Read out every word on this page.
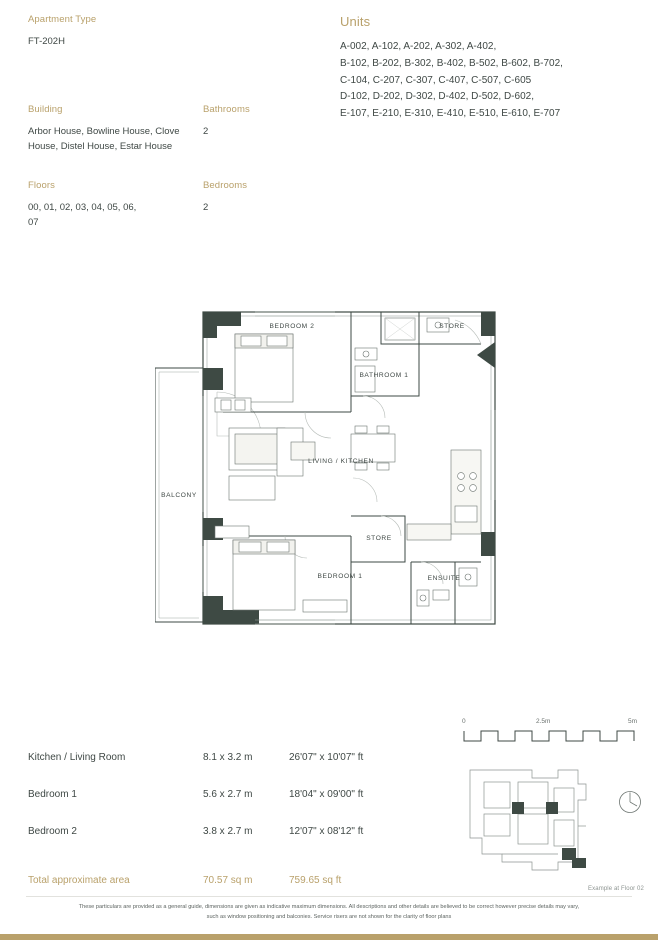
Apartment Type
FT-202H
Units
A-002, A-102, A-202, A-302, A-402,
B-102, B-202, B-302, B-402, B-502, B-602, B-702,
C-104, C-207, C-307, C-407, C-507, C-605
D-102, D-202, D-302, D-402, D-502, D-602,
E-107, E-210, E-310, E-410, E-510, E-610, E-707
Building
Arbor House, Bowline House, Clove House, Distel House, Estar House
Bathrooms
2
Floors
00, 01, 02, 03, 04, 05, 06, 07
Bedrooms
2
BEDROOM 2
BEDROOM 1
LIVING / KITCHEN
BATHROOM 1
ENSUITE
STORE
STORE
BALCONY
Kitchen / Living Room	8.1 x 3.2 m	26'07" x 10'07" ft
Bedroom 1	5.6 x 2.7 m	18'04" x 09'00" ft
Bedroom 2	3.8 x 2.7 m	12'07" x 08'12" ft
Total approximate area	70.57 sq m	759.65 sq ft
0	2.5m	5m
Example at Floor 02
These particulars are provided as a general guide, dimensions are given as indicative maximum dimensions. All descriptions and other details are believed to be correct however precise details may vary,
such as window positioning and balconies. Service risers are not shown for the clarity of floor plans
